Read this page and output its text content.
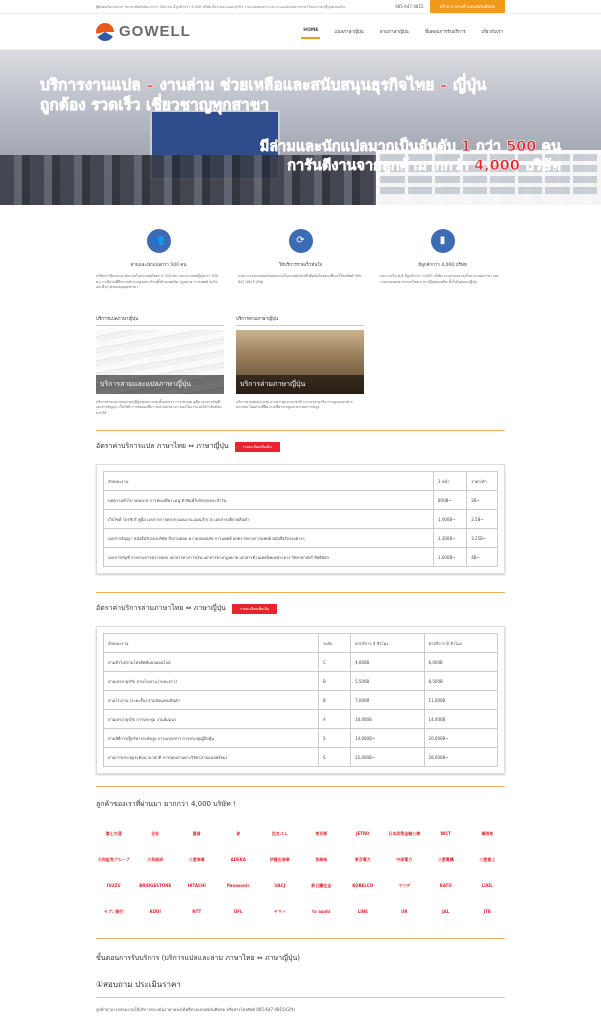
ผู้ติดต่อรับงานจาก ประชาสัมพันธ์มากกว่า 500 คน มีลูกค้ากว่า 4,000 บริษัท ทั้งงานล่ามและธุรกิจ งานแปลเอกสาร และงานแปลเอกสารภาษาไทย-ภาษาญี่ปุ่นครบครัน	065-647-4815	ปรึกษาราคาฟรี แบบฟอร์มติดต่อ
GOWELL	HOME	แปลภาษาญี่ปุ่น	ล่ามภาษาญี่ปุ่น	ขั้นตอนการรับบริการ	เกี่ยวกับเรา
บริการงานแปล – งานล่าม ช่วยเหลือและสนับสนุนธุรกิจไทย – ญี่ปุ่น
ถูกต้อง รวดเร็ว เชี่ยวชาญทุกสาขา
มีล่ามและนักแปลมากเป็นอันดับ 1 กว่า 500 คน
การันตีงานจากลูกค้ามากกว่า 4,000 บริษัท
👥
ล่ามและนักแปลกว่า 500 คน

บริษัทเรามีล่ามและนักแปลในประเทศไทยกว่า 200 คน และประเทศญี่ปุ่นกว่า 300 คน เรามีล่ามที่มีความชำนาญเฉพาะด้านทั้งด้านเทคนิค กฎหมาย การแพทย์ ธุรกิจ และอื่นๆ ครอบคลุมทุกสาขา

⟳
ให้บริการรวดเร็วทันใจ

กรุณากรอกแบบฟอร์มสอบถามในแบบฟอร์มหรือติดต่อโดยตรงที่เบอร์โทรศัพท์ 065-647-4815 (กิฟ)

▮
มีลูกค้ากว่า 4,000 บริษัท

และภายใน 6-8 ปีลูกค้ากว่า 4,000 บริษัท งานล่ามและธุรกิจงานแปลภาษา และงานแปลเอกสารภาษาไทย-ภาษาญี่ปุ่นทุกชนิด ทั้งในไทยและญี่ปุ่น

บริการแปลภาษาญี่ปุ่น
บริการล่ามและแปลภาษาญี่ปุ่น

บริการล่ามและแปลภาษาญี่ปุ่นทุกประเภท ทั้งเอกสาร การประชุม คู่มือ เอกสารบัญชี เอกสารสัญญา เว็บไซต์ การขอแผงที่มา ส่งงานตรงเวลา ของในการแปลได้ว่าลิงค์นับมากได้

บริการล่ามภาษาญี่ปุ่น
บริการล่ามภาษาญี่ปุ่น

บริการล่ามทุกประเภท การประชุมนานาชาติ การเจรจาธุรกิจ การดูแลแขกต่างประเทศ โดยล่ามที่มีความเชี่ยวชาญและประสบการณ์สูง

อัตราค่าบริการแปล ภาษาไทย ⇔ ภาษาญี่ปุ่น	รายละเอียดเพิ่มเติม
ลักษณะงาน	1 หน้า	ราคา/คำ
บทความทั่วไป จดหมาย การท่องเที่ยว เมนู ตัวพิมพ์ใบรับรองประจำวัน	800B~	2B~
เว็บไซต์ โบรชัวร์ คู่มือ เอกสารการตลาด แผนงาน แผนสำรวจ เอกสารอธิบายสินค้า	1,000B~	2.5B~
เอกสารสัญญา หนังสือรับรองบริษัท สิ่งงานต่อม ความปลอดภัย การแพทย์ ผลตรวจทางการแพทย์ หนังสือรับรองต่างๆ	1,300B~	3.25B~
เอกสารบัญชี รายงานการตรวจสอบ เอกสารทางการเงิน เอกสารทางกฎหมาย เอกสารด้านเทคนิคเฉพาะทาง วิทยาศาสตร์ สิทธิบัตร	1,600B~	4B~
อัตราค่าบริการล่ามภาษาไทย ⇔ ภาษาญี่ปุ่น	รายละเอียดเพิ่มเติม
ลักษณะงาน	ระดับ	ค่าบริการ 4 ชั่วโมง	ค่าบริการ 8 ชั่วโมง
ล่ามทั่วไป/ล่ามโทรศัพท์แบบออนไลน์	C	4,000B	6,000B
ล่ามเจรจาธุรกิจ ล่ามโรงงาน (ระยะยาว)	B	5,500B	8,500B
ล่ามโรงงาน (ระยะสั้น) ล่ามจัดแสดงสินค้า	B	7,000B	11,000B
ล่ามเจรจาธุรกิจ การประชุม งานสัมมนา	A	10,000B	14,000B
ล่ามพิธีการ/ผู้บริหารระดับสูง การแถลงข่าว การประชุมผู้ถือหุ้น	S	14,000B~	20,000B~
ล่ามการประชุมระดับนานาชาติ การสอบสวนทางวิจัย (ล่ามแปลพร้อม)	S	22,000B~	28,000B~
ลูกค้าของเราที่ผ่านมา มากกว่า 4,000 บริษัท !
富士交通	会社	藤倉	倉	住友ゴム	東京都	JETRO	日本政策金融公庫	NICT	福岡県
大和証券グループ	大和総研	三菱商事	ADEKA	伊藤忠商事	宮崎県	東京電力	中部電力	三菱電機	三菱重工
ISUZU	BRIDGESTONE	HITACHI	Panasonic	UACJ	新日鐵住金	KOBELCO	マツダ	KATO	LIXIL
セブン銀行	KDDI	NTT	DFL	ヤマハ	tv asahi	LINE	UR	JAL	JTB
ขั้นตอนการรับบริการ (บริการแปลและล่าม ภาษาไทย ⇔ ภาษาญี่ปุ่น)
①สอบถาม ประเมินราคา
ลูกค้าสามารถสอบถามให้บริการประเมินราคาของได้ฟรีทางแบบฟอร์มติดต่อ หรือทางโทรศัพท์ 065-647-4815(Gift)
